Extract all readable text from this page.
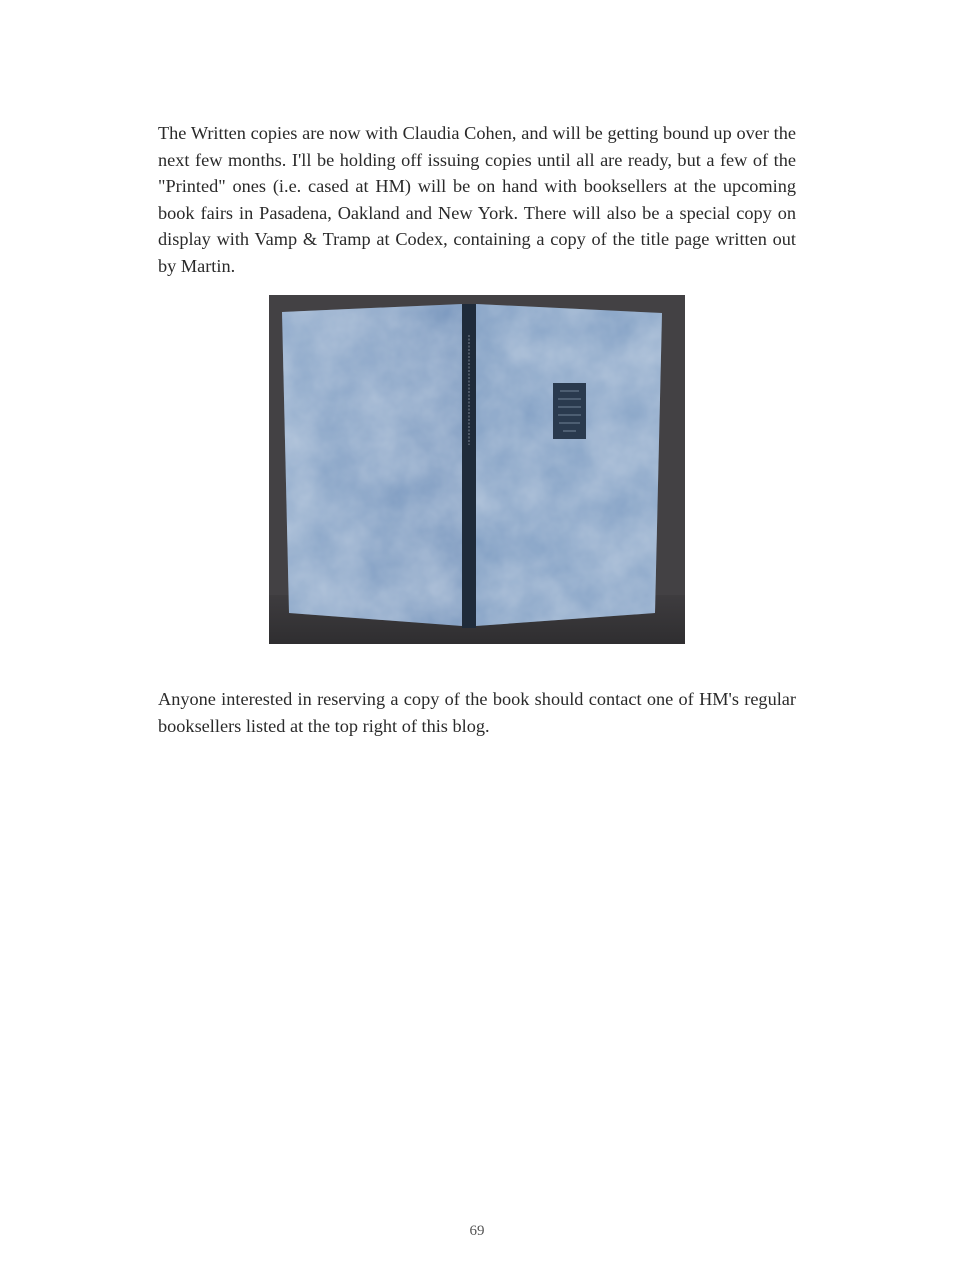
The Written copies are now with Claudia Cohen, and will be getting bound up over the next few months. I'll be holding off issuing copies until all are ready, but a few of the "Printed" ones (i.e. cased at HM) will be on hand with booksellers at the upcoming book fairs in Pasadena, Oakland and New York. There will also be a special copy on display with Vamp & Tramp at Codex, containing a copy of the title page written out by Martin.

Anyone interested in reserving a copy of the book should contact one of HM's regular booksellers listed at the top right of this blog.

69
